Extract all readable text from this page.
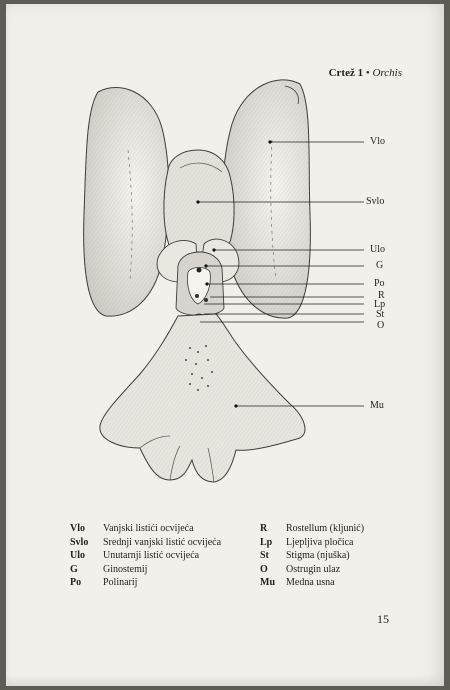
Crtež 1 • Orchis
Vlo
Svlo
Ulo
G
Po
R
Lp
St
O
Mu
Vlo	Vanjski listići ocvijeća
Svlo	Srednji vanjski listić ocvijeća
Ulo	Unutarnji listić ocvijeća
G	Ginostemij
Po	Polinarij
R	Rostellum (kljunić)
Lp	Ljepljiva pločica
St	Stigma (njuška)
O	Ostrugin ulaz
Mu	Medna usna
15
